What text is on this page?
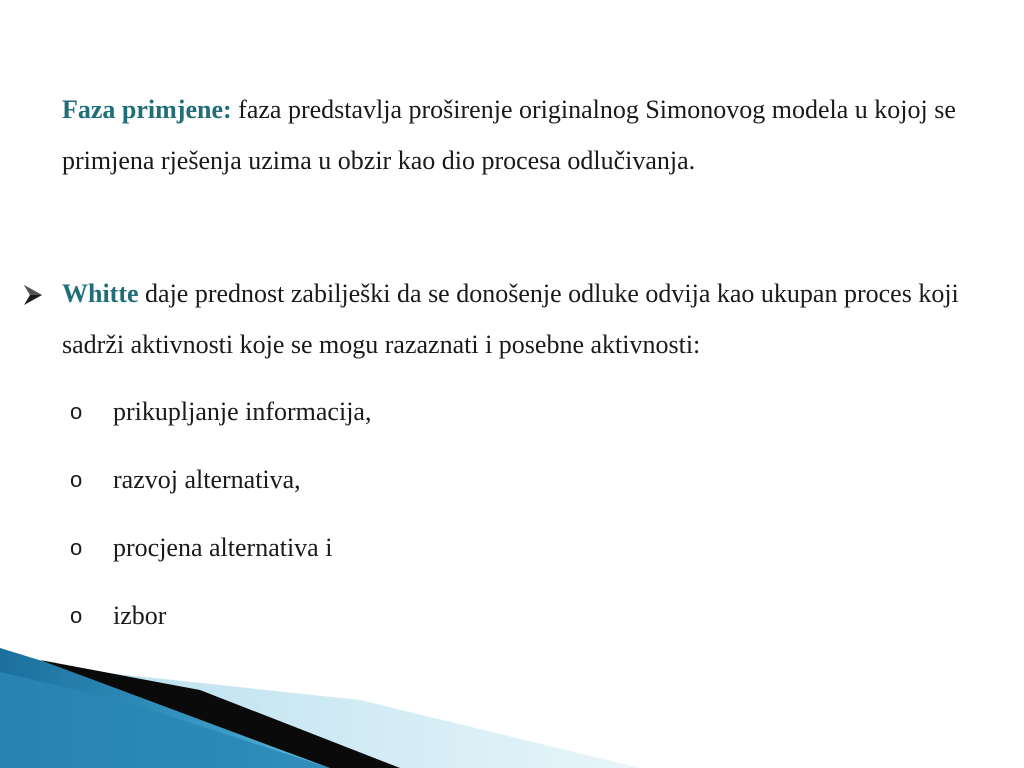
Faza primjene: faza predstavlja proširenje originalnog Simonovog modela u kojoj se primjena rješenja uzima u obzir kao dio procesa odlučivanja.
Whitte daje prednost zabilješki da se donošenje odluke odvija kao ukupan proces koji sadrži aktivnosti koje se mogu razaznati i posebne aktivnosti:
o prikupljanje informacija,
o razvoj alternativa,
o procjena alternativa i
o izbor
